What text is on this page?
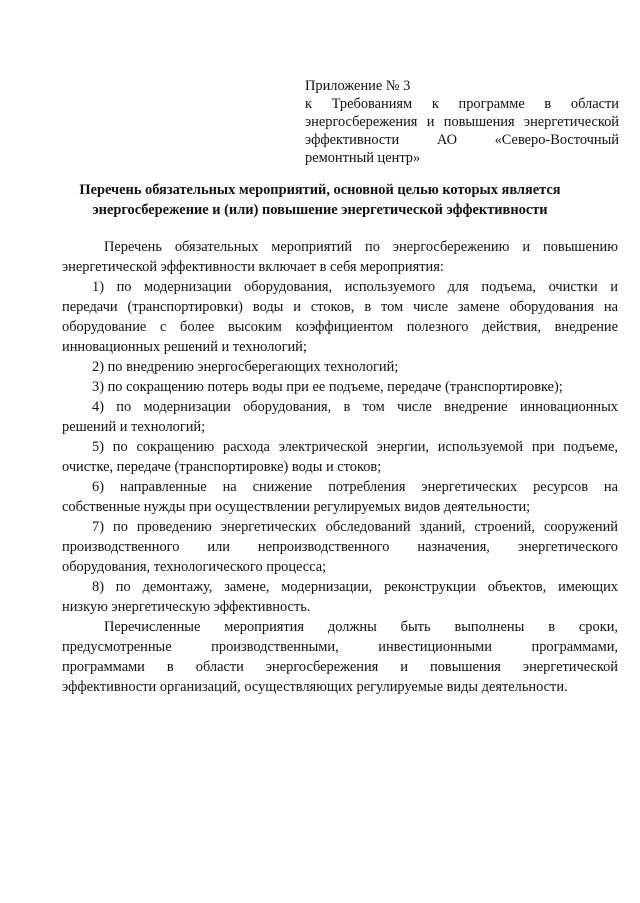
Приложение № 3
к Требованиям к программе в области
энергосбережения и повышения энергетической
эффективности АО «Северо-Восточный
ремонтный центр»
Перечень обязательных мероприятий, основной целью которых является
энергосбережение и (или) повышение энергетической эффективности
Перечень обязательных мероприятий по энергосбережению и повышению
энергетической эффективности включает в себя мероприятия:
1) по модернизации оборудования, используемого для подъема, очистки и
передачи (транспортировки) воды и стоков, в том числе замене оборудования на
оборудование с более высоким коэффициентом полезного действия, внедрение
инновационных решений и технологий;
2) по внедрению энергосберегающих технологий;
3) по сокращению потерь воды при ее подъеме, передаче (транспортировке);
4) по модернизации оборудования, в том числе внедрение инновационных
решений и технологий;
5) по сокращению расхода электрической энергии, используемой при подъеме,
очистке, передаче (транспортировке) воды и стоков;
6) направленные на снижение потребления энергетических ресурсов на
собственные нужды при осуществлении регулируемых видов деятельности;
7) по проведению энергетических обследований зданий, строений, сооружений
производственного или непроизводственного назначения, энергетического
оборудования, технологического процесса;
8) по демонтажу, замене, модернизации, реконструкции объектов, имеющих
низкую энергетическую эффективность.
Перечисленные мероприятия должны быть выполнены в сроки,
предусмотренные производственными, инвестиционными программами,
программами в области энергосбережения и повышения энергетической
эффективности организаций, осуществляющих регулируемые виды деятельности.
